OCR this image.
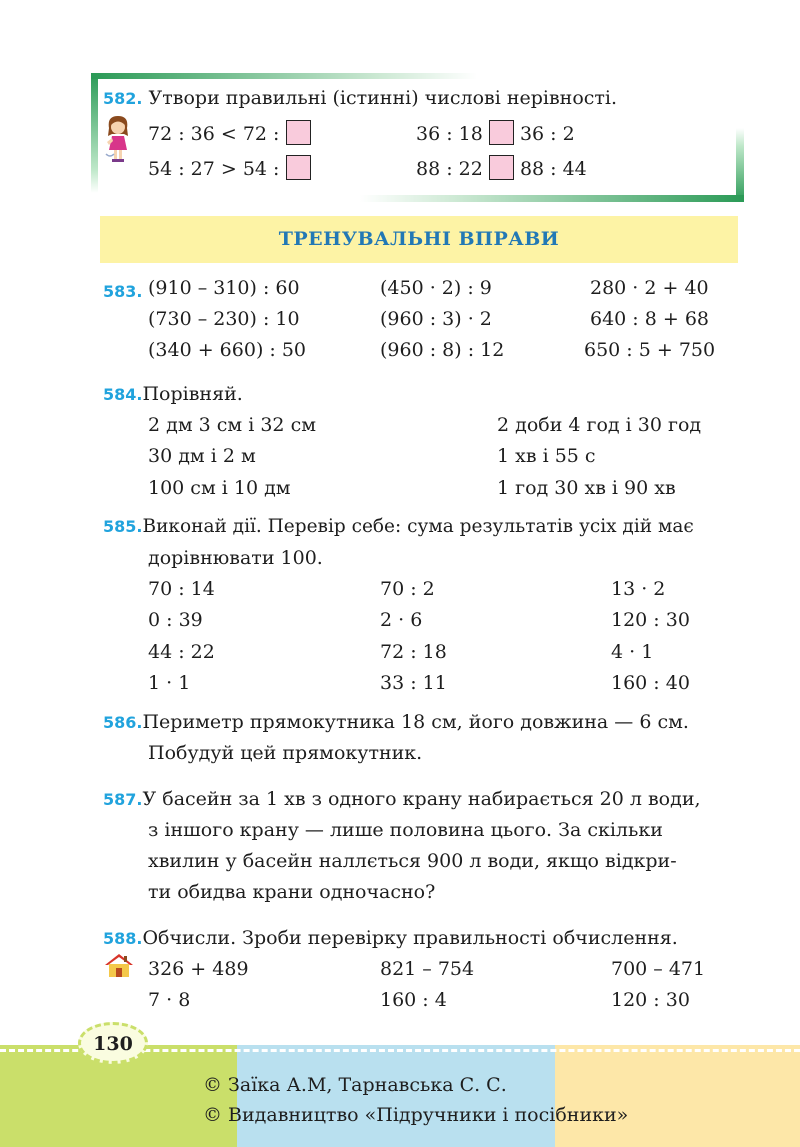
582. Утвори правильні (істинні) числові нерівності.
72 : 36 < 72 :	36 : 18 36 : 2
54 : 27 > 54 :	88 : 22 88 : 44
ТРЕНУВАЛЬНІ ВПРАВИ
583. (910 – 310) : 60	(450 · 2) : 9	280 · 2 + 40
(730 – 230) : 10	(960 : 3) · 2	640 : 8 + 68
(340 + 660) : 50	(960 : 8) : 12	650 : 5 + 750
584.Порівняй.
2 дм 3 см і 32 см	2 доби 4 год і 30 год
30 дм і 2 м	1 хв і 55 с
100 см і 10 дм	1 год 30 хв і 90 хв
585.Виконай дії. Перевір себе: сума результатів усіх дій має
дорівнювати 100.
70 : 14	70 : 2	13 · 2
0 : 39	2 · 6	120 : 30
44 : 22	72 : 18	4 · 1
1 · 1	33 : 11	160 : 40
586.Периметр прямокутника 18 см, його довжина — 6 см.
Побудуй цей прямокутник.
587.У басейн за 1 хв з одного крану набирається 20 л води,
з іншого крану — лише половина цього. За скільки
хвилин у басейн наллється 900 л води, якщо відкри-
ти обидва крани одночасно?
588.Обчисли. Зроби перевірку правильності обчислення.
326 + 489	821 – 754	700 – 471
7 · 8	160 : 4	120 : 30
130
© Заїка А.М, Тарнавська С. С.
© Видавництво «Підручники і посібники»
